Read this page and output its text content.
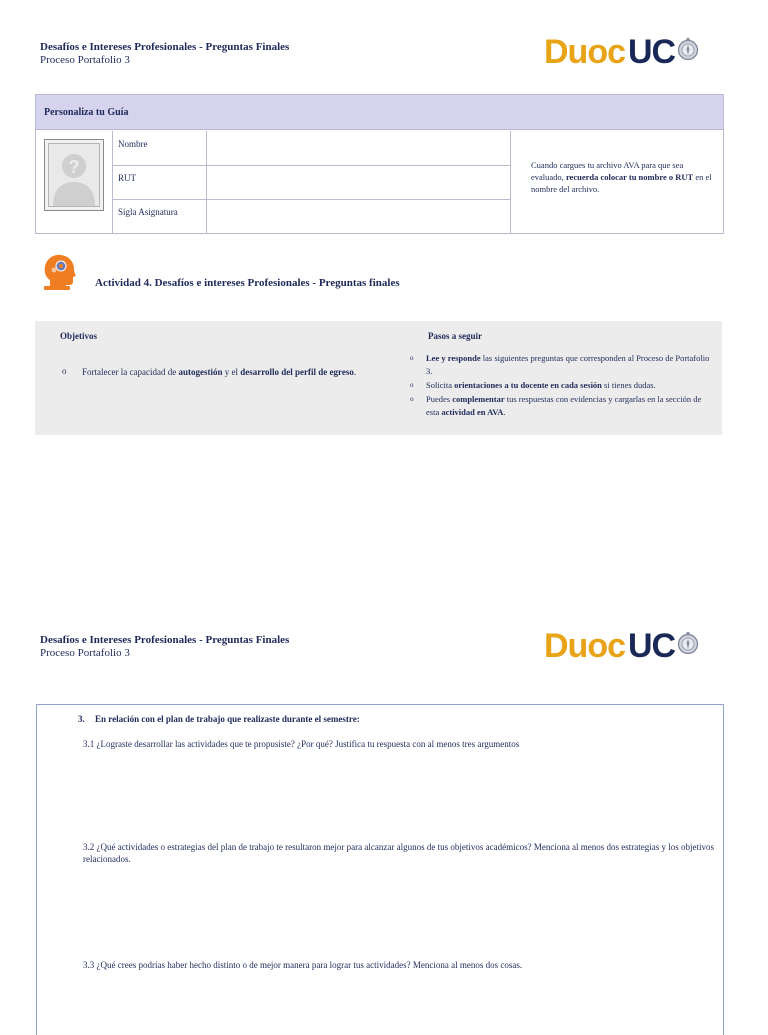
Desafíos e Intereses Profesionales - Preguntas Finales
Proceso Portafolio 3	Duoc UC
Personaliza tu Guía
?
Nombre
RUT
Sigla Asignatura
Cuando cargues tu archivo AVA para que sea evaluado, recuerda colocar tu nombre o RUT en el nombre del archivo.
Actividad 4. Desafíos e intereses Profesionales - Preguntas finales
Objetivos
o Fortalecer la capacidad de autogestión y el desarrollo del perfil de egreso.
Pasos a seguir
o Lee y responde las siguientes preguntas que corresponden al Proceso de Portafolio 3.
o Solicita orientaciones a tu docente en cada sesión si tienes dudas.
o Puedes complementar tus respuestas con evidencias y cargarlas en la sección de esta actividad en AVA.
Desafíos e Intereses Profesionales - Preguntas Finales
Proceso Portafolio 3	Duoc UC
3. En relación con el plan de trabajo que realizaste durante el semestre:
3.1 ¿Lograste desarrollar las actividades que te propusiste? ¿Por qué? Justifica tu respuesta con al menos tres argumentos
3.2 ¿Qué actividades o estrategias del plan de trabajo te resultaron mejor para alcanzar algunos de tus objetivos académicos? Menciona al menos dos estrategias y los objetivos relacionados.
3.3 ¿Qué crees podrías haber hecho distinto o de mejor manera para lograr tus actividades? Menciona al menos dos cosas.
